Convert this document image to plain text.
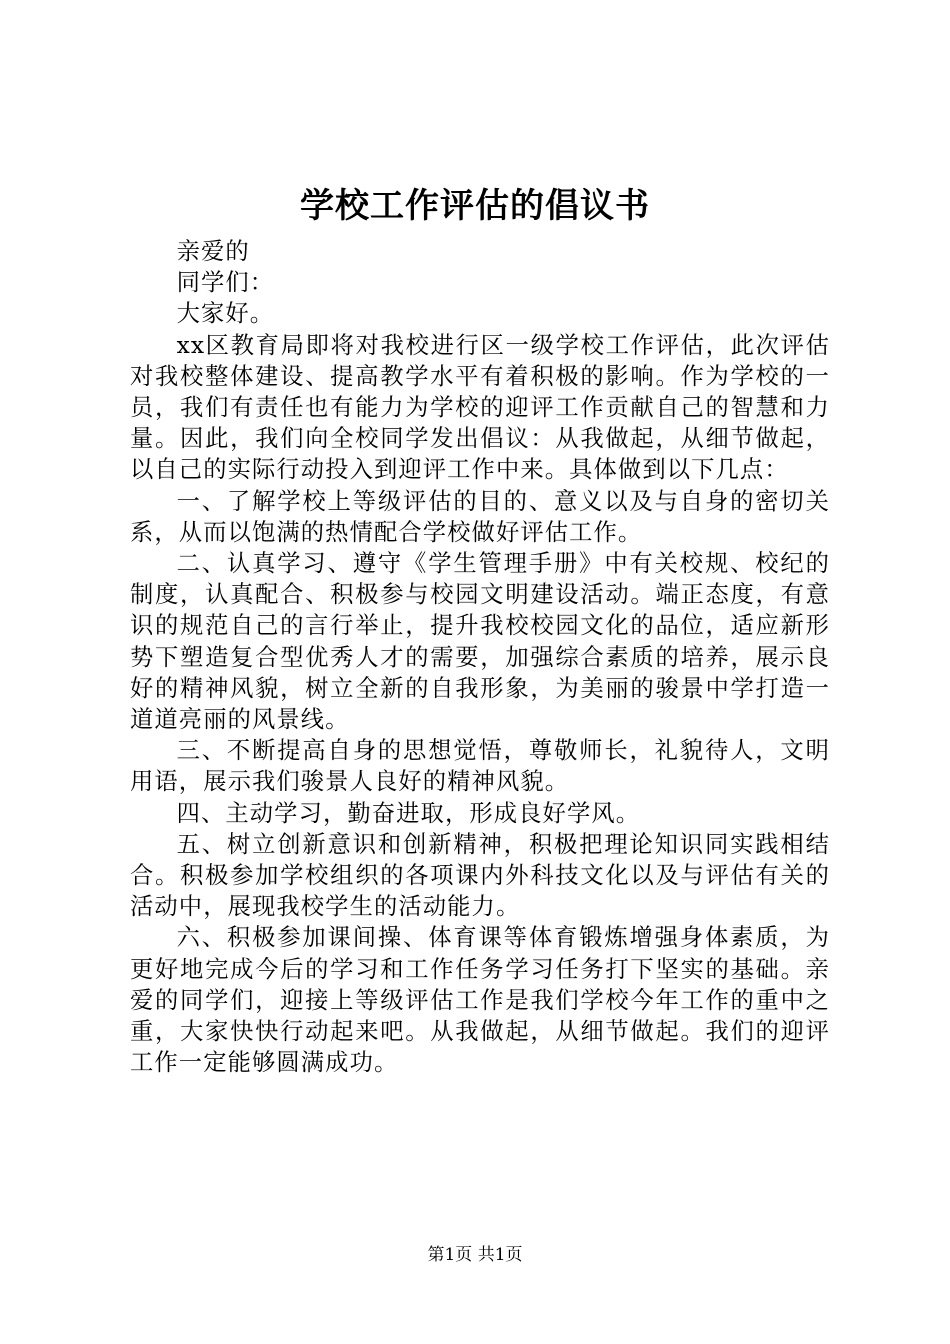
学校工作评估的倡议书

亲爱的

同学们：

大家好。

xx区教育局即将对我校进行区一级学校工作评估，此次评估对我校整体建设、提高教学水平有着积极的影响。作为学校的一员，我们有责任也有能力为学校的迎评工作贡献自己的智慧和力量。因此，我们向全校同学发出倡议：从我做起，从细节做起，以自己的实际行动投入到迎评工作中来。具体做到以下几点：

一、了解学校上等级评估的目的、意义以及与自身的密切关系，从而以饱满的热情配合学校做好评估工作。

二、认真学习、遵守《学生管理手册》中有关校规、校纪的制度，认真配合、积极参与校园文明建设活动。端正态度，有意识的规范自己的言行举止，提升我校校园文化的品位，适应新形势下塑造复合型优秀人才的需要，加强综合素质的培养，展示良好的精神风貌，树立全新的自我形象，为美丽的骏景中学打造一道道亮丽的风景线。

三、不断提高自身的思想觉悟，尊敬师长，礼貌待人，文明用语，展示我们骏景人良好的精神风貌。

四、主动学习，勤奋进取，形成良好学风。

五、树立创新意识和创新精神，积极把理论知识同实践相结合。积极参加学校组织的各项课内外科技文化以及与评估有关的活动中，展现我校学生的活动能力。

六、积极参加课间操、体育课等体育锻炼增强身体素质，为更好地完成今后的学习和工作任务学习任务打下坚实的基础。亲爱的同学们，迎接上等级评估工作是我们学校今年工作的重中之重，大家快快行动起来吧。从我做起，从细节做起。我们的迎评工作一定能够圆满成功。

第1页 共1页
